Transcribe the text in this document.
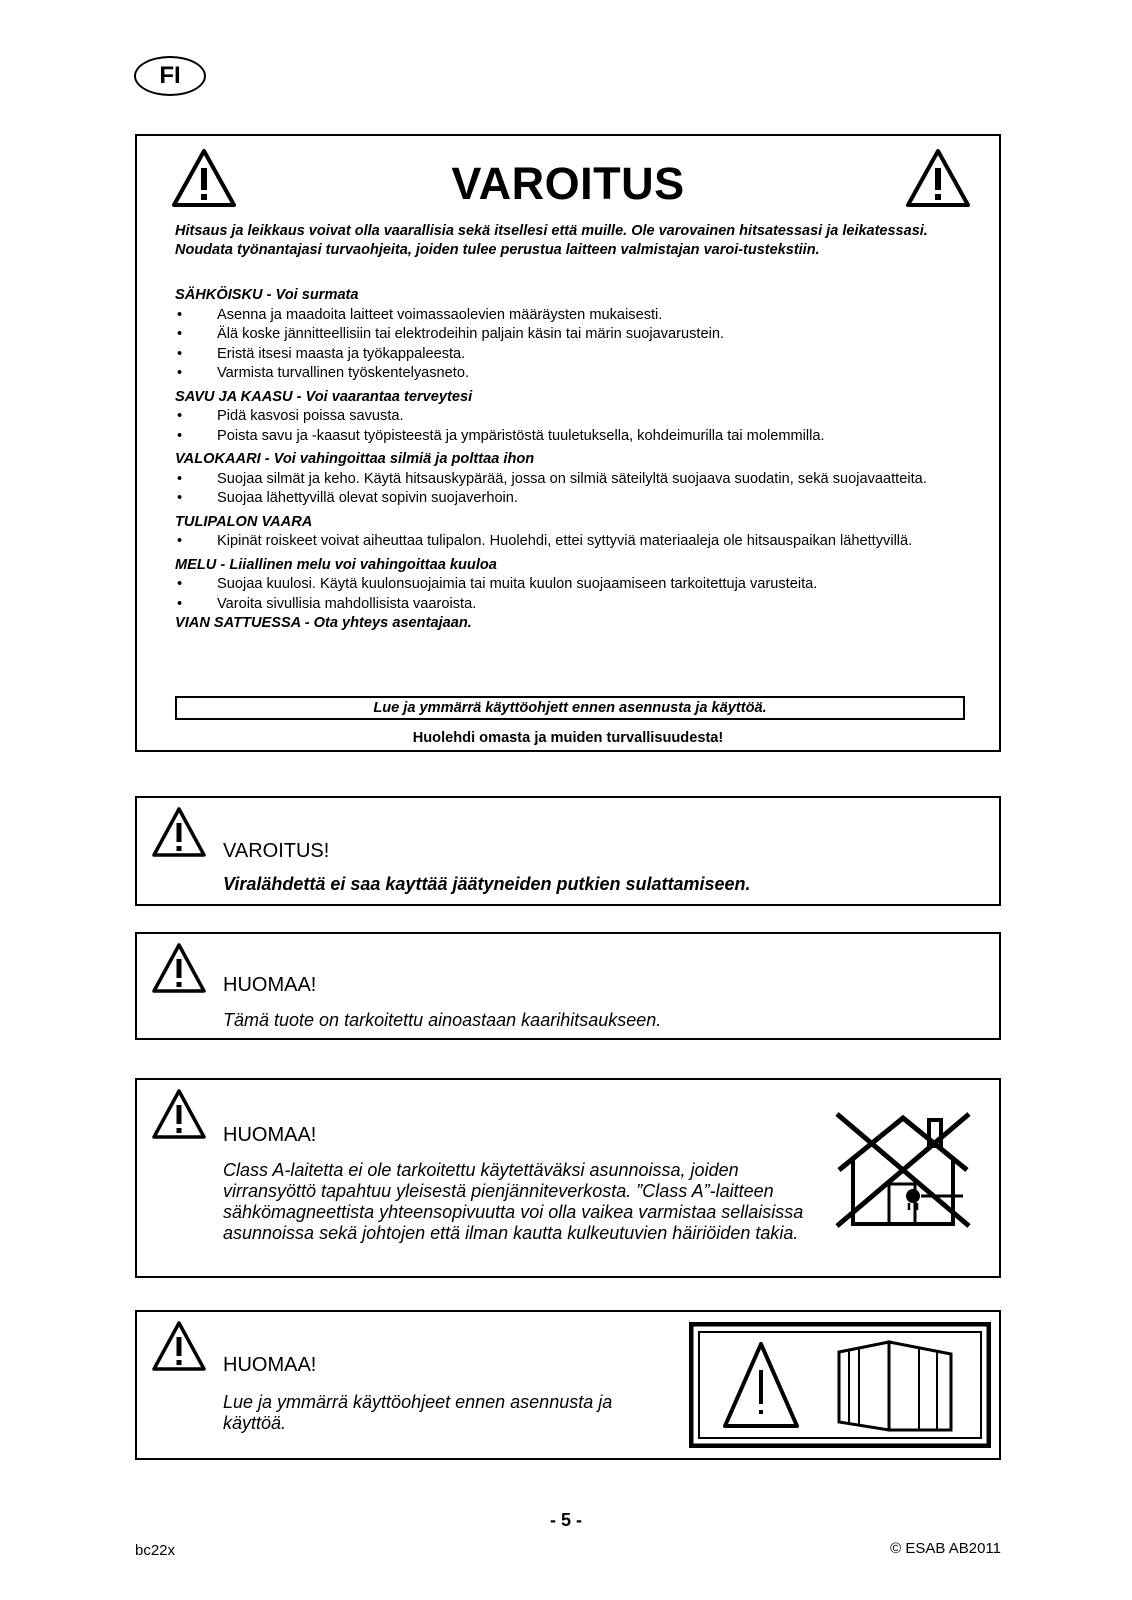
FI
VAROITUS
Hitsaus ja leikkaus voivat olla vaarallisia sekä itsellesi että muille. Ole varovainen hitsatessasi ja leikatessasi. Noudata työnantajasi turvaohjeita, joiden tulee perustua laitteen valmistajan varoi-tustekstiin.
SÄHKÖISKU - Voi surmata
• Asenna ja maadoita laitteet voimassaolevien määräysten mukaisesti.
• Älä koske jännitteellisiin tai elektrodeihin paljain käsin tai märin suojavarustein.
• Eristä itsesi maasta ja työkappaleesta.
• Varmista turvallinen työskentelyasneto.
SAVU JA KAASU - Voi vaarantaa terveytesi
• Pidä kasvosi poissa savusta.
• Poista savu ja -kaasut työpisteestä ja ympäristöstä tuuletuksella, kohdeimurilla tai molemmilla.
VALOKAARI - Voi vahingoittaa silmiä ja polttaa ihon
• Suojaa silmät ja keho. Käytä hitsauskypärää, jossa on silmiä säteilyltä suojaava suodatin, sekä suojavaatteita.
• Suojaa lähettyvillä olevat sopivin suojaverhoin.
TULIPALON VAARA
• Kipinät roiskeet voivat aiheuttaa tulipalon. Huolehdi, ettei syttyviä materiaaleja ole hitsauspaikan lähettyvillä.
MELU - Liiallinen melu voi vahingoittaa kuuloa
• Suojaa kuulosi. Käytä kuulonsuojaimia tai muita kuulon suojaamiseen tarkoitettuja varusteita.
• Varoita sivullisia mahdollisista vaaroista.
VIAN SATTUESSA - Ota yhteys asentajaan.
Lue ja ymmärrä käyttöohjett ennen asennusta ja käyttöä.
Huolehdi omasta ja muiden turvallisuudesta!
VAROITUS!
Viralähdettä ei saa kayttää jäätyneiden putkien sulattamiseen.
HUOMAA!
Tämä tuote on tarkoitettu ainoastaan kaarihitsaukseen.
HUOMAA!
Class A-laitetta ei ole tarkoitettu käytettäväksi asunnoissa, joiden virransyöttö tapahtuu yleisestä pienjänniteverkosta. ”Class A”-laitteen sähkömagneettista yhteensopivuutta voi olla vaikea varmistaa sellaisissa asunnoissa sekä johtojen että ilman kautta kulkeutuvien häiriöiden takia.
HUOMAA!
Lue ja ymmärrä käyttöohjeet ennen asennusta ja käyttöä.
- 5 -
bc22x	© ESAB AB2011
